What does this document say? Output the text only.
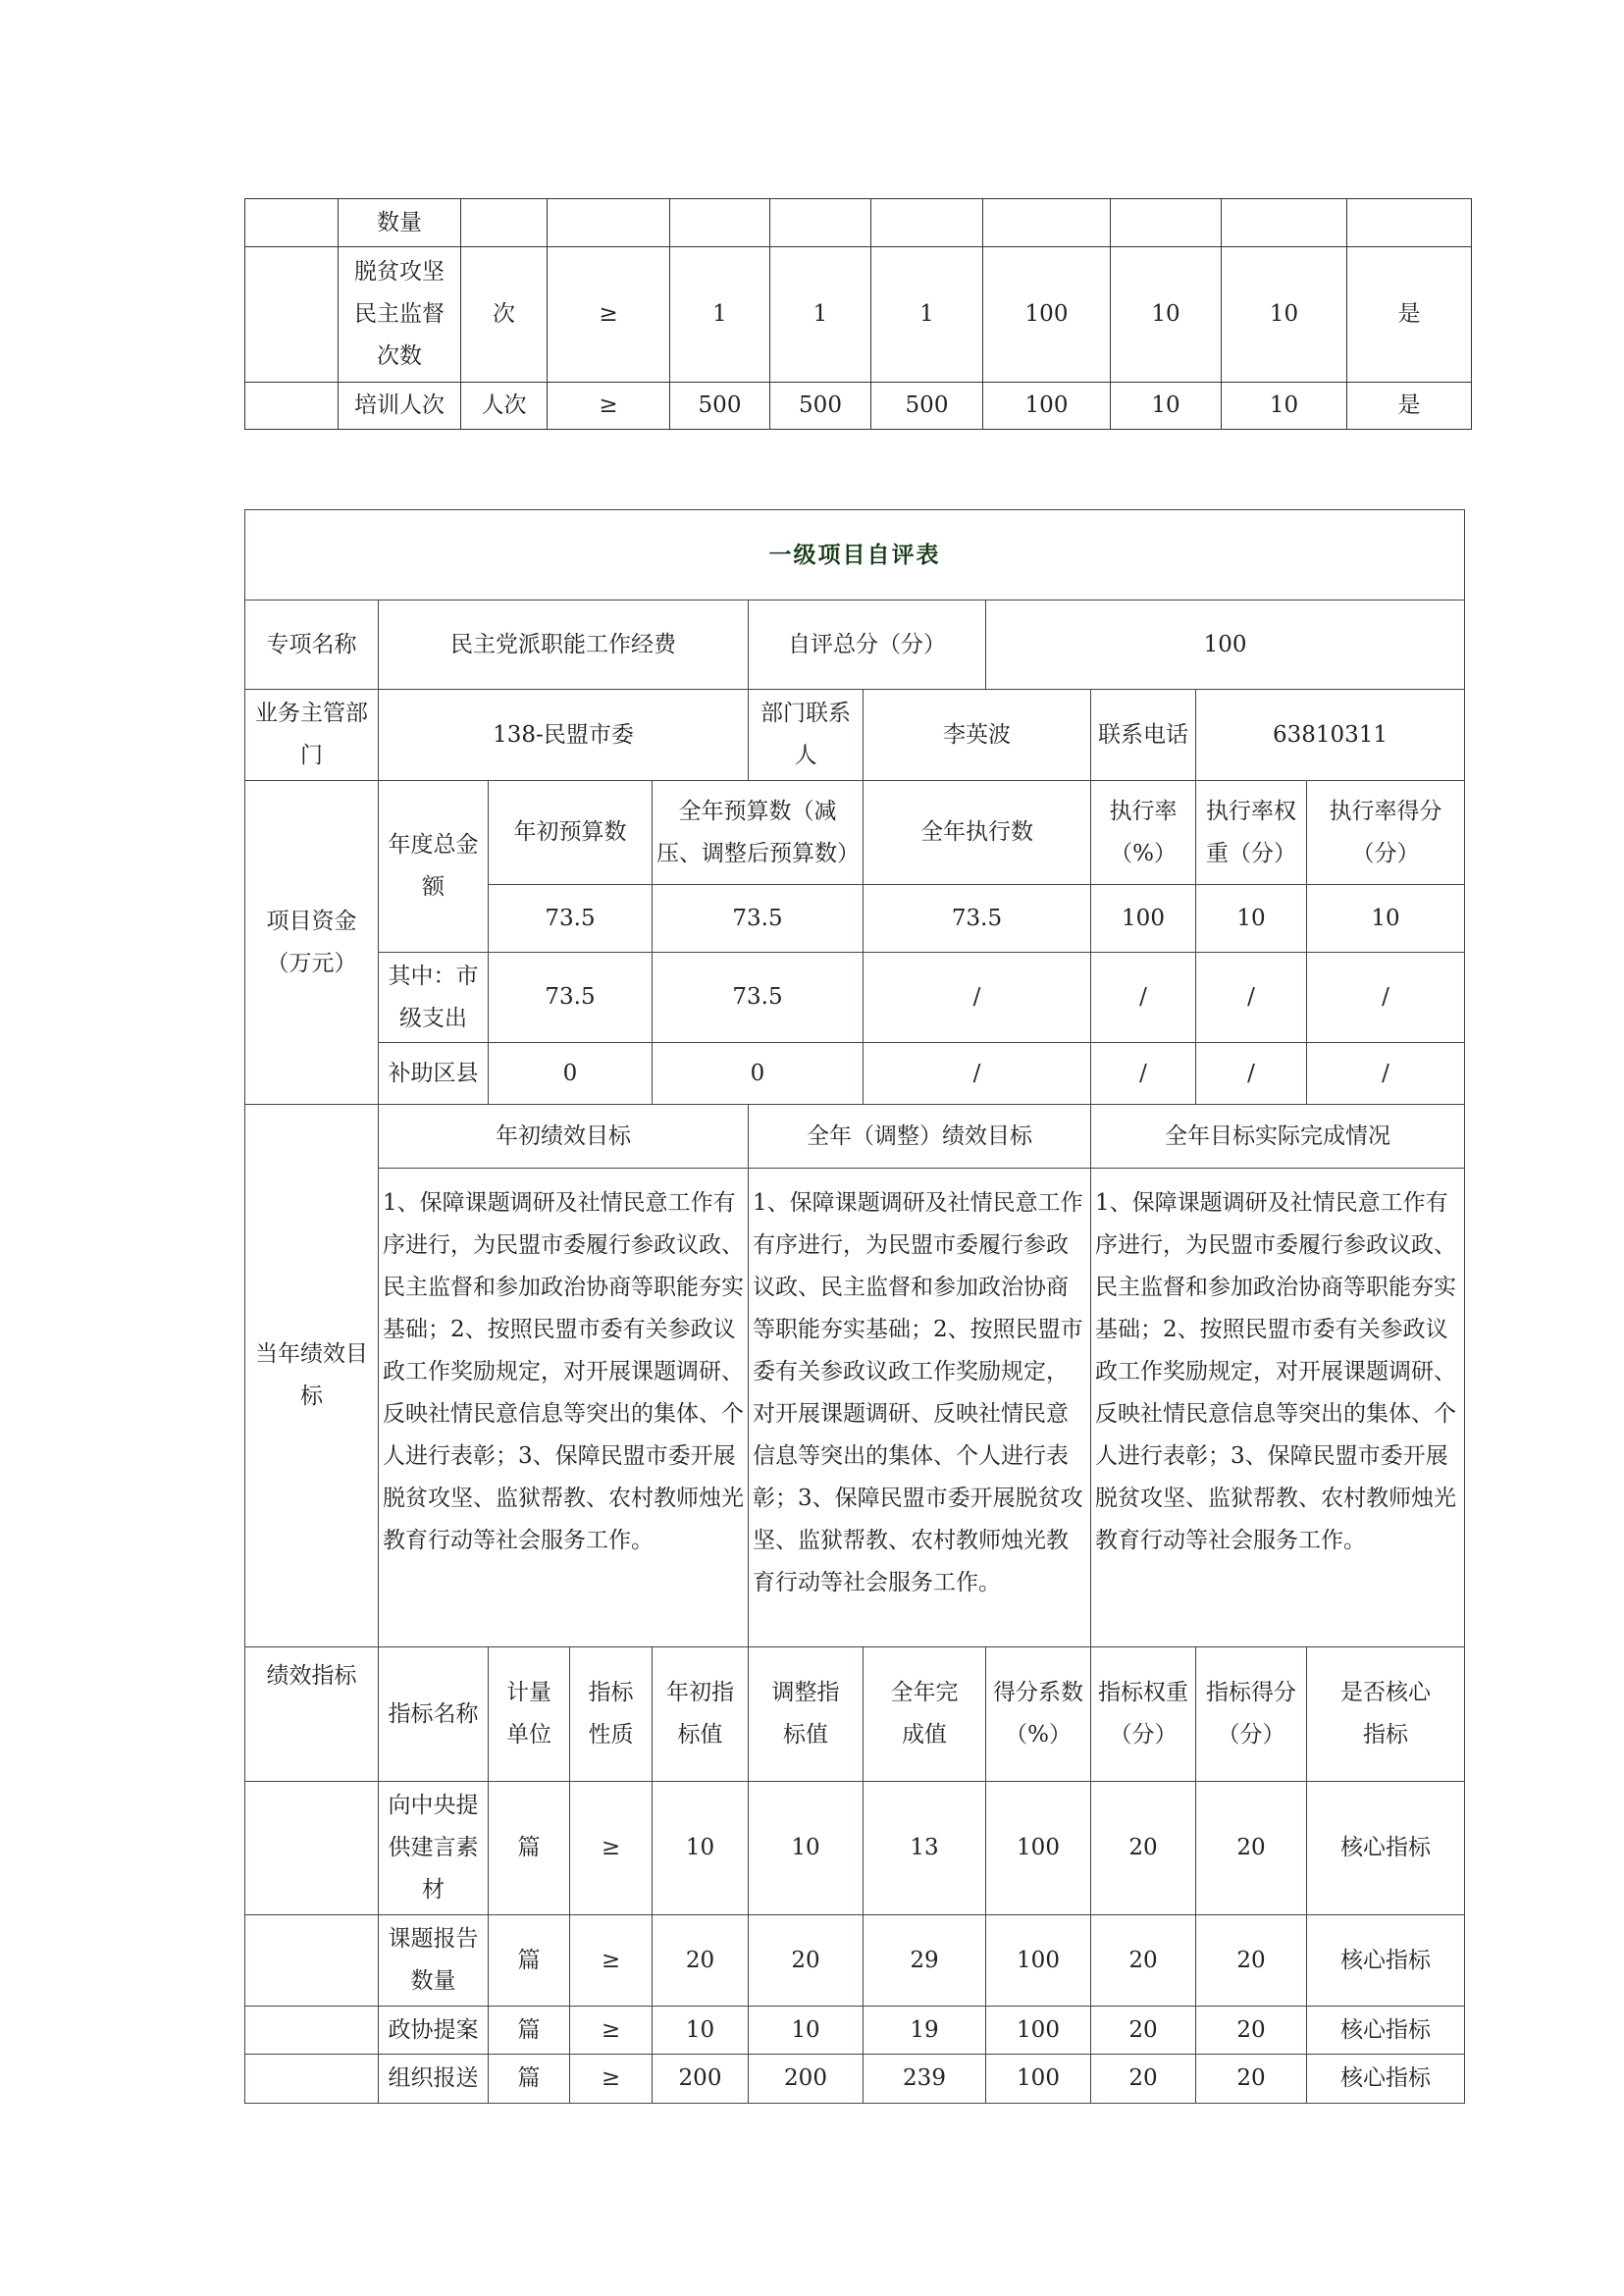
	数量									
	脱贫攻坚民主监督次数	次	≥	1	1	1	100	10	10	是
	培训人次	人次	≥	500	500	500	100	10	10	是
一级项目自评表										
专项名称	民主党派职能工作经费				自评总分（分）		100			
业务主管部门	138-民盟市委				部门联系人	李英波		联系电话	63810311	
项目资金（万元）	年度总金额	年初预算数		全年预算数（减压、调整后预算数）		全年执行数		执行率（%）	执行率权重（分）	执行率得分（分）
		73.5		73.5		73.5		100	10	10
	其中：市级支出	73.5		73.5		/		/	/	/
	补助区县	0		0		/		/	/	/
当年绩效目标	年初绩效目标				全年（调整）绩效目标			全年目标实际完成情况		
	1、保障课题调研及社情民意工作有序进行，为民盟市委履行参政议政、民主监督和参加政治协商等职能夯实基础；2、按照民盟市委有关参政议政工作奖励规定，对开展课题调研、反映社情民意信息等突出的集体、个人进行表彰；3、保障民盟市委开展脱贫攻坚、监狱帮教、农村教师烛光教育行动等社会服务工作。				1、保障课题调研及社情民意工作有序进行，为民盟市委履行参政议政、民主监督和参加政治协商等职能夯实基础；2、按照民盟市委有关参政议政工作奖励规定，对开展课题调研、反映社情民意信息等突出的集体、个人进行表彰；3、保障民盟市委开展脱贫攻坚、监狱帮教、农村教师烛光教育行动等社会服务工作。			1、保障课题调研及社情民意工作有序进行，为民盟市委履行参政议政、民主监督和参加政治协商等职能夯实基础；2、按照民盟市委有关参政议政工作奖励规定，对开展课题调研、反映社情民意信息等突出的集体、个人进行表彰；3、保障民盟市委开展脱贫攻坚、监狱帮教、农村教师烛光教育行动等社会服务工作。		
绩效指标	指标名称	计量单位	指标性质	年初指标值	调整指标值	全年完成值	得分系数（%）	指标权重（分）	指标得分（分）	是否核心指标
	向中央提供建言素材	篇	≥	10	10	13	100	20	20	核心指标
	课题报告数量	篇	≥	20	20	29	100	20	20	核心指标
	政协提案	篇	≥	10	10	19	100	20	20	核心指标
	组织报送	篇	≥	200	200	239	100	20	20	核心指标
